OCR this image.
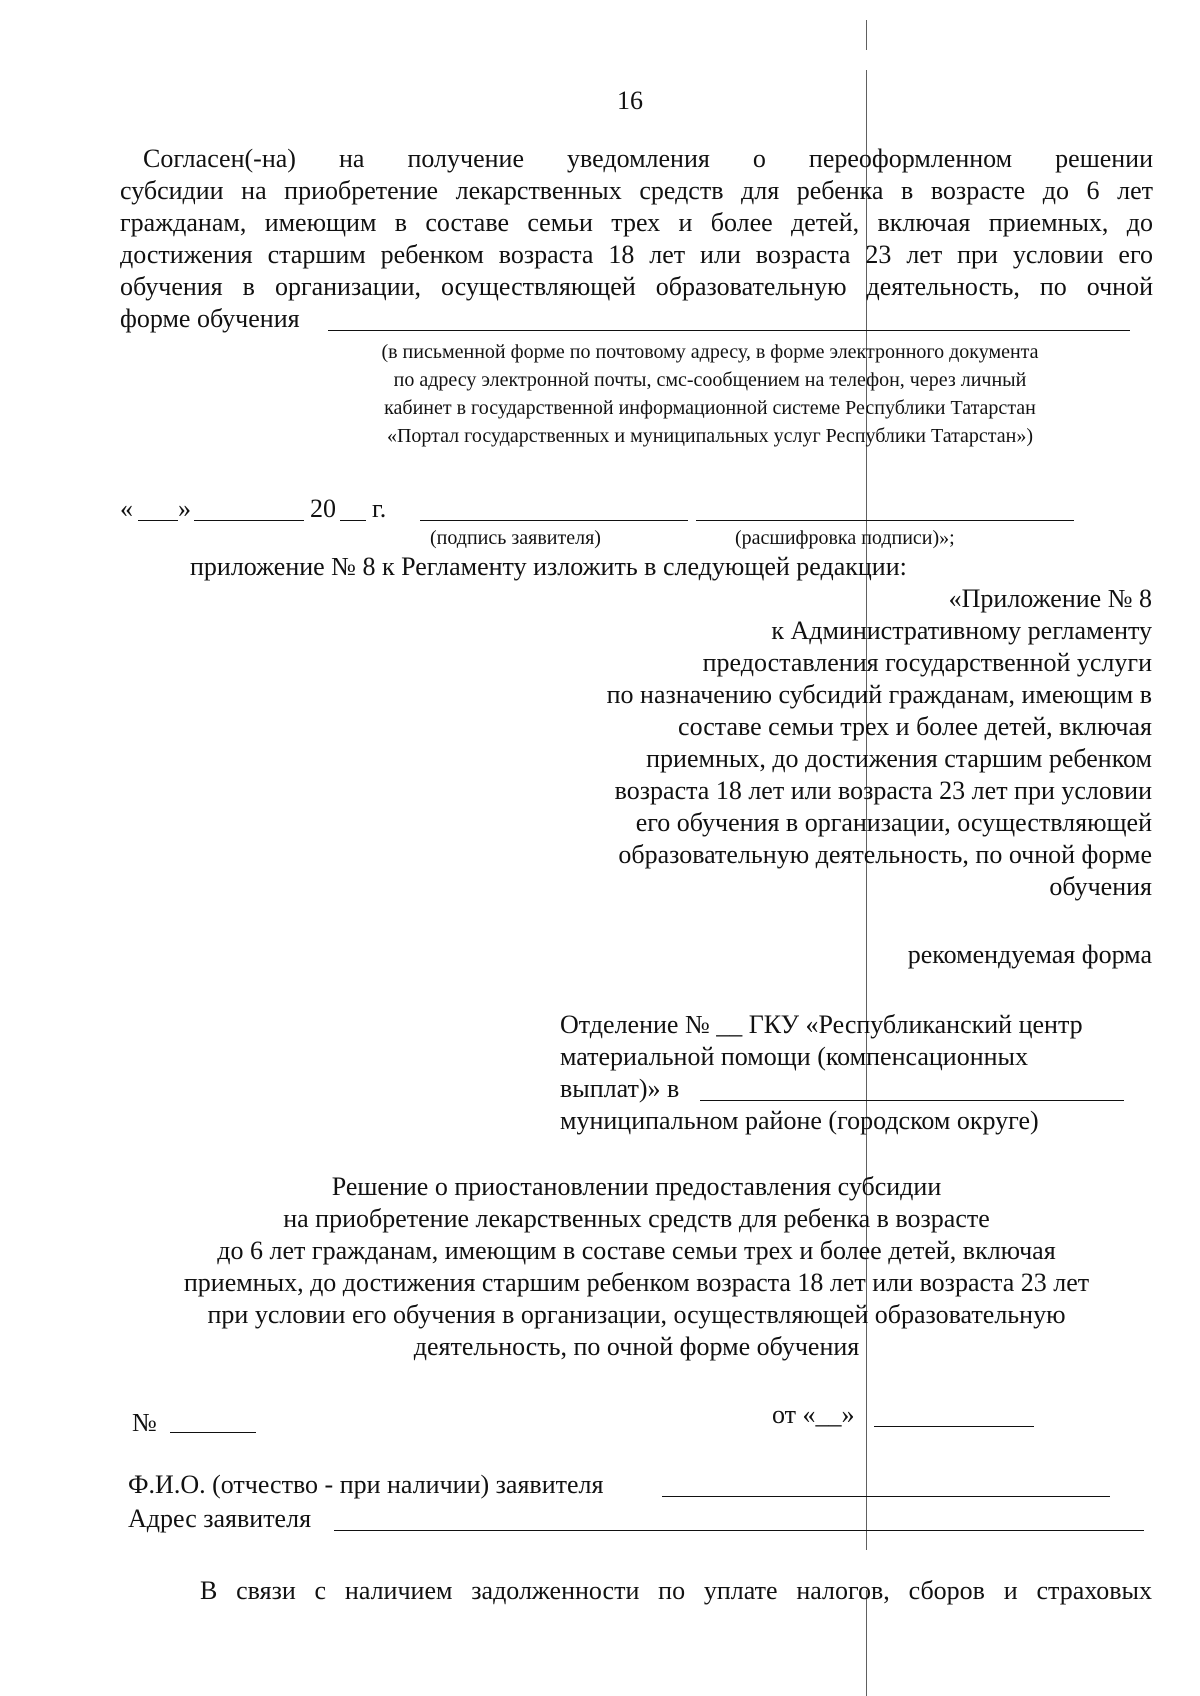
16
Согласен(-на) на получение уведомления о переоформленном решении
субсидии на приобретение лекарственных средств для ребенка в возрасте до 6 лет
гражданам, имеющим в составе семьи трех и более детей, включая приемных, до
достижения старшим ребенком возраста 18 лет или возраста 23 лет при условии его
обучения в организации, осуществляющей образовательную деятельность, по очной
форме обучения
(в письменной форме по почтовому адресу, в форме электронного документа
по адресу электронной почты, смс-сообщением на телефон, через личный
кабинет в государственной информационной системе Республики Татарстан
«Портал государственных и муниципальных услуг Республики Татарстан»)
« »	20 г.
(подпись заявителя)	(расшифровка подписи)»;
приложение № 8 к Регламенту изложить в следующей редакции:
«Приложение № 8
к Административному регламенту
предоставления государственной услуги
по назначению субсидий гражданам, имеющим в
составе семьи трех и более детей, включая
приемных, до достижения старшим ребенком
возраста 18 лет или возраста 23 лет при условии
его обучения в организации, осуществляющей
образовательную деятельность, по очной форме
обучения
рекомендуемая форма
Отделение № __ ГКУ «Республиканский центр
материальной помощи (компенсационных
выплат)» в
муниципальном районе (городском округе)
Решение о приостановлении предоставления субсидии
на приобретение лекарственных средств для ребенка в возрасте
до 6 лет гражданам, имеющим в составе семьи трех и более детей, включая
приемных, до достижения старшим ребенком возраста 18 лет или возраста 23 лет
при условии его обучения в организации, осуществляющей образовательную
деятельность, по очной форме обучения
№	от «__»
Ф.И.О. (отчество - при наличии) заявителя
Адрес заявителя
В связи с наличием задолженности по уплате налогов, сборов и страховых
